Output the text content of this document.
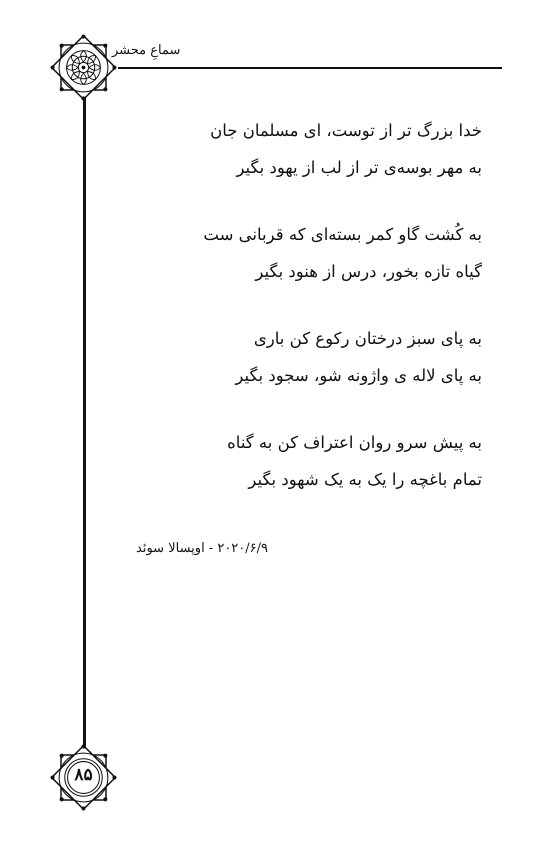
سماعِ محشر
۸۵
خدا بزرگ تر از توست، ای مسلمان جان
به مهر بوسه‌ی تر از لب از یهود بگیر
به کُشت گاو کمر بسته‌ای که قربانی ست
گیاه تازه بخور، درس از هنود بگیر
به پای سبز درختان رکوع کن باری
به پای لاله ی واژونه شو، سجود بگیر
به پیش سرو روان اعتراف کن به گناه
تمام باغچه را یک به یک شهود بگیر
۲۰۲۰/۶/۹ - اوپسالا سوئد
